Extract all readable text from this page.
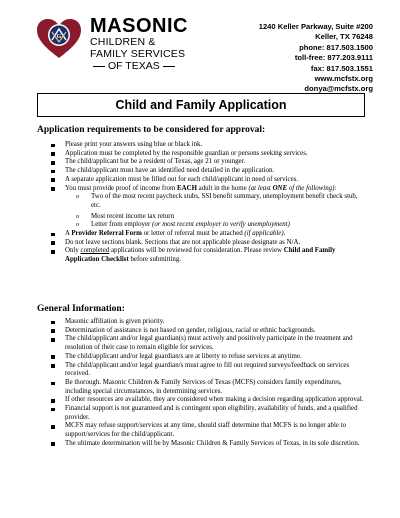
G MASONIC
CHILDREN &
FAMILY SERVICES
OF TEXAS
1240 Keller Parkway, Suite #200
Keller, TX 76248
phone: 817.503.1500
toll-free: 877.203.9111
fax: 817.503.1551
www.mcfstx.org
donya@mcfstx.org
Child and Family Application
Application requirements to be considered for approval:
Please print your answers using blue or black ink.
Application must be completed by the responsible guardian or persons seeking services.
The child/applicant but be a resident of Texas, age 21 or younger.
The child/applicant must have an identified need detailed in the application.
A separate application must be filled out for each child/applicant in need of services.
You must provide proof of income from EACH adult in the home (at least ONE of the following):
o Two of the most recent paycheck stubs, SSI benefit summary, unemployment benefit check stub, etc.
o Most recent income tax return
o Letter from employer (or most recent employer to verify unemployment)
A Provider Referral Form or letter of referral must be attached (if applicable).
Do not leave sections blank. Sections that are not applicable please designate as N/A.
Only completed applications will be reviewed for consideration. Please review Child and Family Application Checklist before submitting.
General Information:
Masonic affiliation is given priority.
Determination of assistance is not based on gender, religious, racial or ethnic backgrounds.
The child/applicant and/or legal guardian(s) must actively and positively participate in the treatment and resolution of their case to remain eligible for services.
The child/applicant and/or legal guardian/s are at liberty to refuse services at anytime.
The child/applicant and/or legal guardian/s must agree to fill out required surveys/feedback on services received.
Be thorough. Masonic Children & Family Services of Texas (MCFS) considers family expenditures, including special circumstances, in determining services.
If other resources are available, they are considered when making a decision regarding application approval.
Financial support is not guaranteed and is contingent upon eligibility, availability of funds, and a qualified provider.
MCFS may refuse support/services at any time, should staff determine that MCFS is no longer able to support/services for the child/applicant.
The ultimate determination will be by Masonic Children & Family Services of Texas, in its sole discretion.
